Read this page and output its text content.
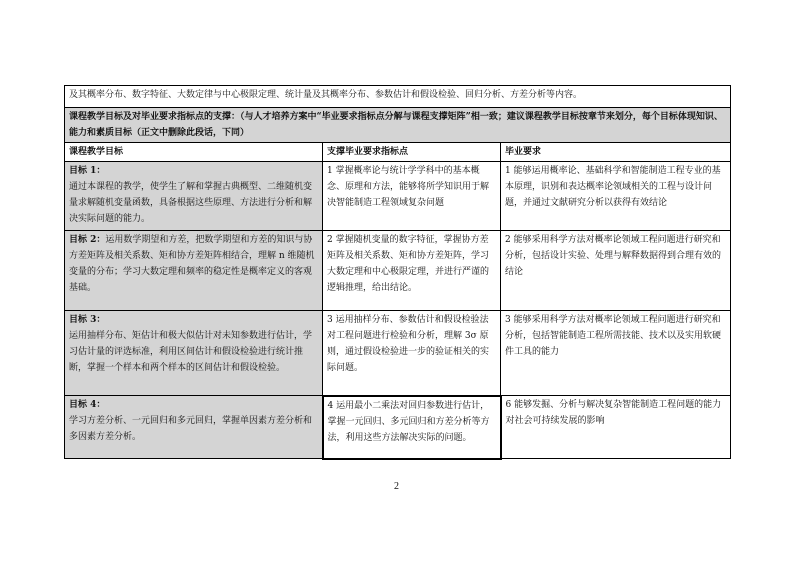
及其概率分布、数字特征、大数定律与中心极限定理、统计量及其概率分布、参数估计和假设检验、回归分析、方差分析等内容。		
课程教学目标及对毕业要求指标点的支撑：（与人才培养方案中“毕业要求指标点分解与课程支撑矩阵”相一致；建议课程教学目标按章节来划分，每个目标体现知识、能力和素质目标（正文中删除此段话，下同）		
课程教学目标	支撑毕业要求指标点	毕业要求
目标 1：
通过本课程的教学，使学生了解和掌握古典概型、二维随机变量求解随机变量函数，具备根据这些原理、方法进行分析和解决实际问题的能力。	1 掌握概率论与统计学学科中的基本概念、原理和方法，能够将所学知识用于解决智能制造工程领域复杂问题	1 能够运用概率论、基础科学和智能制造工程专业的基本原理，识别和表达概率论领域相关的工程与设计问题，并通过文献研究分析以获得有效结论
目标 2：运用数学期望和方差，把数学期望和方差的知识与协方差矩阵及相关系数、矩和协方差矩阵相结合，理解 n 维随机变量的分布；学习大数定理和频率的稳定性是概率定义的客观基础。	2 掌握随机变量的数字特征，掌握协方差矩阵及相关系数、矩和协方差矩阵，学习大数定理和中心极限定理，并进行严谨的逻辑推理，给出结论。	2 能够采用科学方法对概率论领域工程问题进行研究和分析，包括设计实验、处理与解释数据得到合理有效的结论
目标 3：
运用抽样分布、矩估计和极大似估计对未知参数进行估计，学习估计量的评选标准，利用区间估计和假设检验进行统计推断，掌握一个样本和两个样本的区间估计和假设检验。	3 运用抽样分布、参数估计和假设检验法对工程问题进行检验和分析，理解 3σ 原则，通过假设检验进一步的验证相关的实际问题。	3 能够采用科学方法对概率论领域工程问题进行研究和分析，包括智能制造工程所需技能、技术以及实用软硬件工具的能力
目标 4：
学习方差分析、一元回归和多元回归，掌握单因素方差分析和多因素方差分析。	4 运用最小二乘法对回归参数进行估计，掌握一元回归、多元回归和方差分析等方法，利用这些方法解决实际的问题。	6 能够发掘、分析与解决复杂智能制造工程问题的能力对社会可持续发展的影响
2
